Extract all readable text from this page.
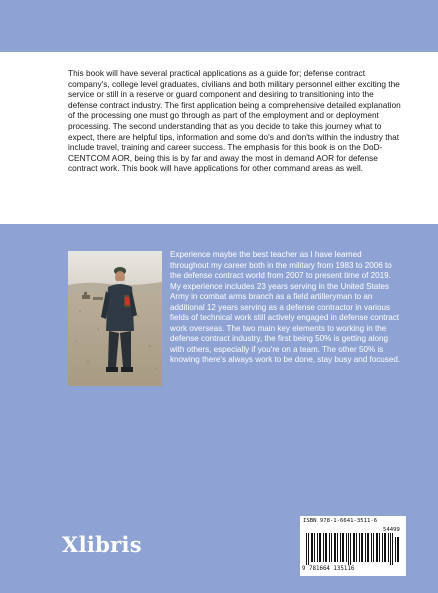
This book will have several practical applications as a guide for; defense contract company's, college level graduates, civilians and both military personnel either exciting the service or still in a reserve or guard component and desiring to transitioning into the defense contract industry. The first application being a comprehensive detailed explanation of the processing one must go through as part of the employment and or deployment processing. The second understanding that as you decide to take this journey what to expect, there are helpful tips, information and some do's and don'ts within the industry that include travel, training and career success. The emphasis for this book is on the DoD-CENTCOM AOR, being this is by far and away the most in demand AOR for defense contract work. This book will have applications for other command areas as well.

Experience maybe the best teacher as I have learned throughout my career both in the military from 1983 to 2006 to the defense contract world from 2007 to present time of 2019. My experience includes 23 years serving in the United States Army in combat arms branch as a field artilleryman to an additional 12 years serving as a defense contractor in various fields of technical work still actively engaged in defense contract work overseas. The two main key elements to working in the defense contract industry, the first being 50% is getting along with others, especially if you're on a team. The other 50% is knowing there's always work to be done, stay busy and focused.

Xlibris
ISBN 978-1-6641-3511-6
54499
9 781664 135116
